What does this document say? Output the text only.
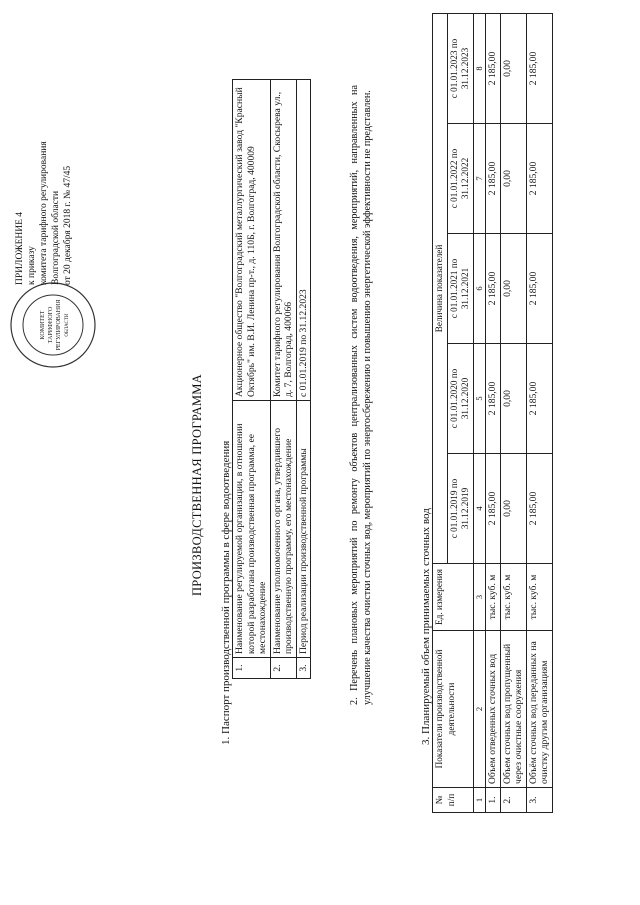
КОМИТЕТ ТАРИФНОГО РЕГУЛИРОВАНИЯ ОБЛАСТИ
ПРИЛОЖЕНИЕ 4 к приказу комитета тарифного регулирования Волгоградской области от 20 декабря 2018 г. № 47/45
ПРОИЗВОДСТВЕННАЯ ПРОГРАММА 1. Паспорт производственной программы в сфере водоотведения 1.	Наименование регулируемой организации, в отношении которой разработана производственная программа, ее местонахождение	Акционерное общество "Волгоградский металлургический завод "Красный Октябрь" им. В.И. Ленина пр-т., д. 110Б, г. Волгоград, 400009
2.	Наименование уполномоченного органа, утвердившего производственную программу, его местонахождение	Комитет тарифного регулирования Волгоградской области, Скосырева ул., д. 7, Волгоград, 400066
3.	Период реализации производственной программы	с 01.01.2019 по 31.12.2023	2. Перечень плановых мероприятий по ремонту объектов централизованных систем водоотведения, мероприятий, направленных на улучшение качества очистки сточных вод, мероприятий по энергосбережению и повышению энергетической эффективности не представлен.	3. Планируемый объем принимаемых сточных вод
№ п/п	Показатели производственной деятельности	Ед. измерения	Величина показателей				
			с 01.01.2019 по 31.12.2019	с 01.01.2020 по 31.12.2020	с 01.01.2021 по 31.12.2021	с 01.01.2022 по 31.12.2022	с 01.01.2023 по 31.12.2023
1	2	3	4	5	6	7	8
1.	Объем отведенных сточных вод	тыс. куб. м	2 185,00	2 185,00	2 185,00	2 185,00	2 185,00
2.	Объем сточных вод пропущенный через очистные сооружения	тыс. куб. м	0,00	0,00	0,00	0,00	0,00
3.	Объём сточных вод переданных на очистку другим организациям	тыс. куб. м	2 185,00	2 185,00	2 185,00	2 185,00	2 185,00
